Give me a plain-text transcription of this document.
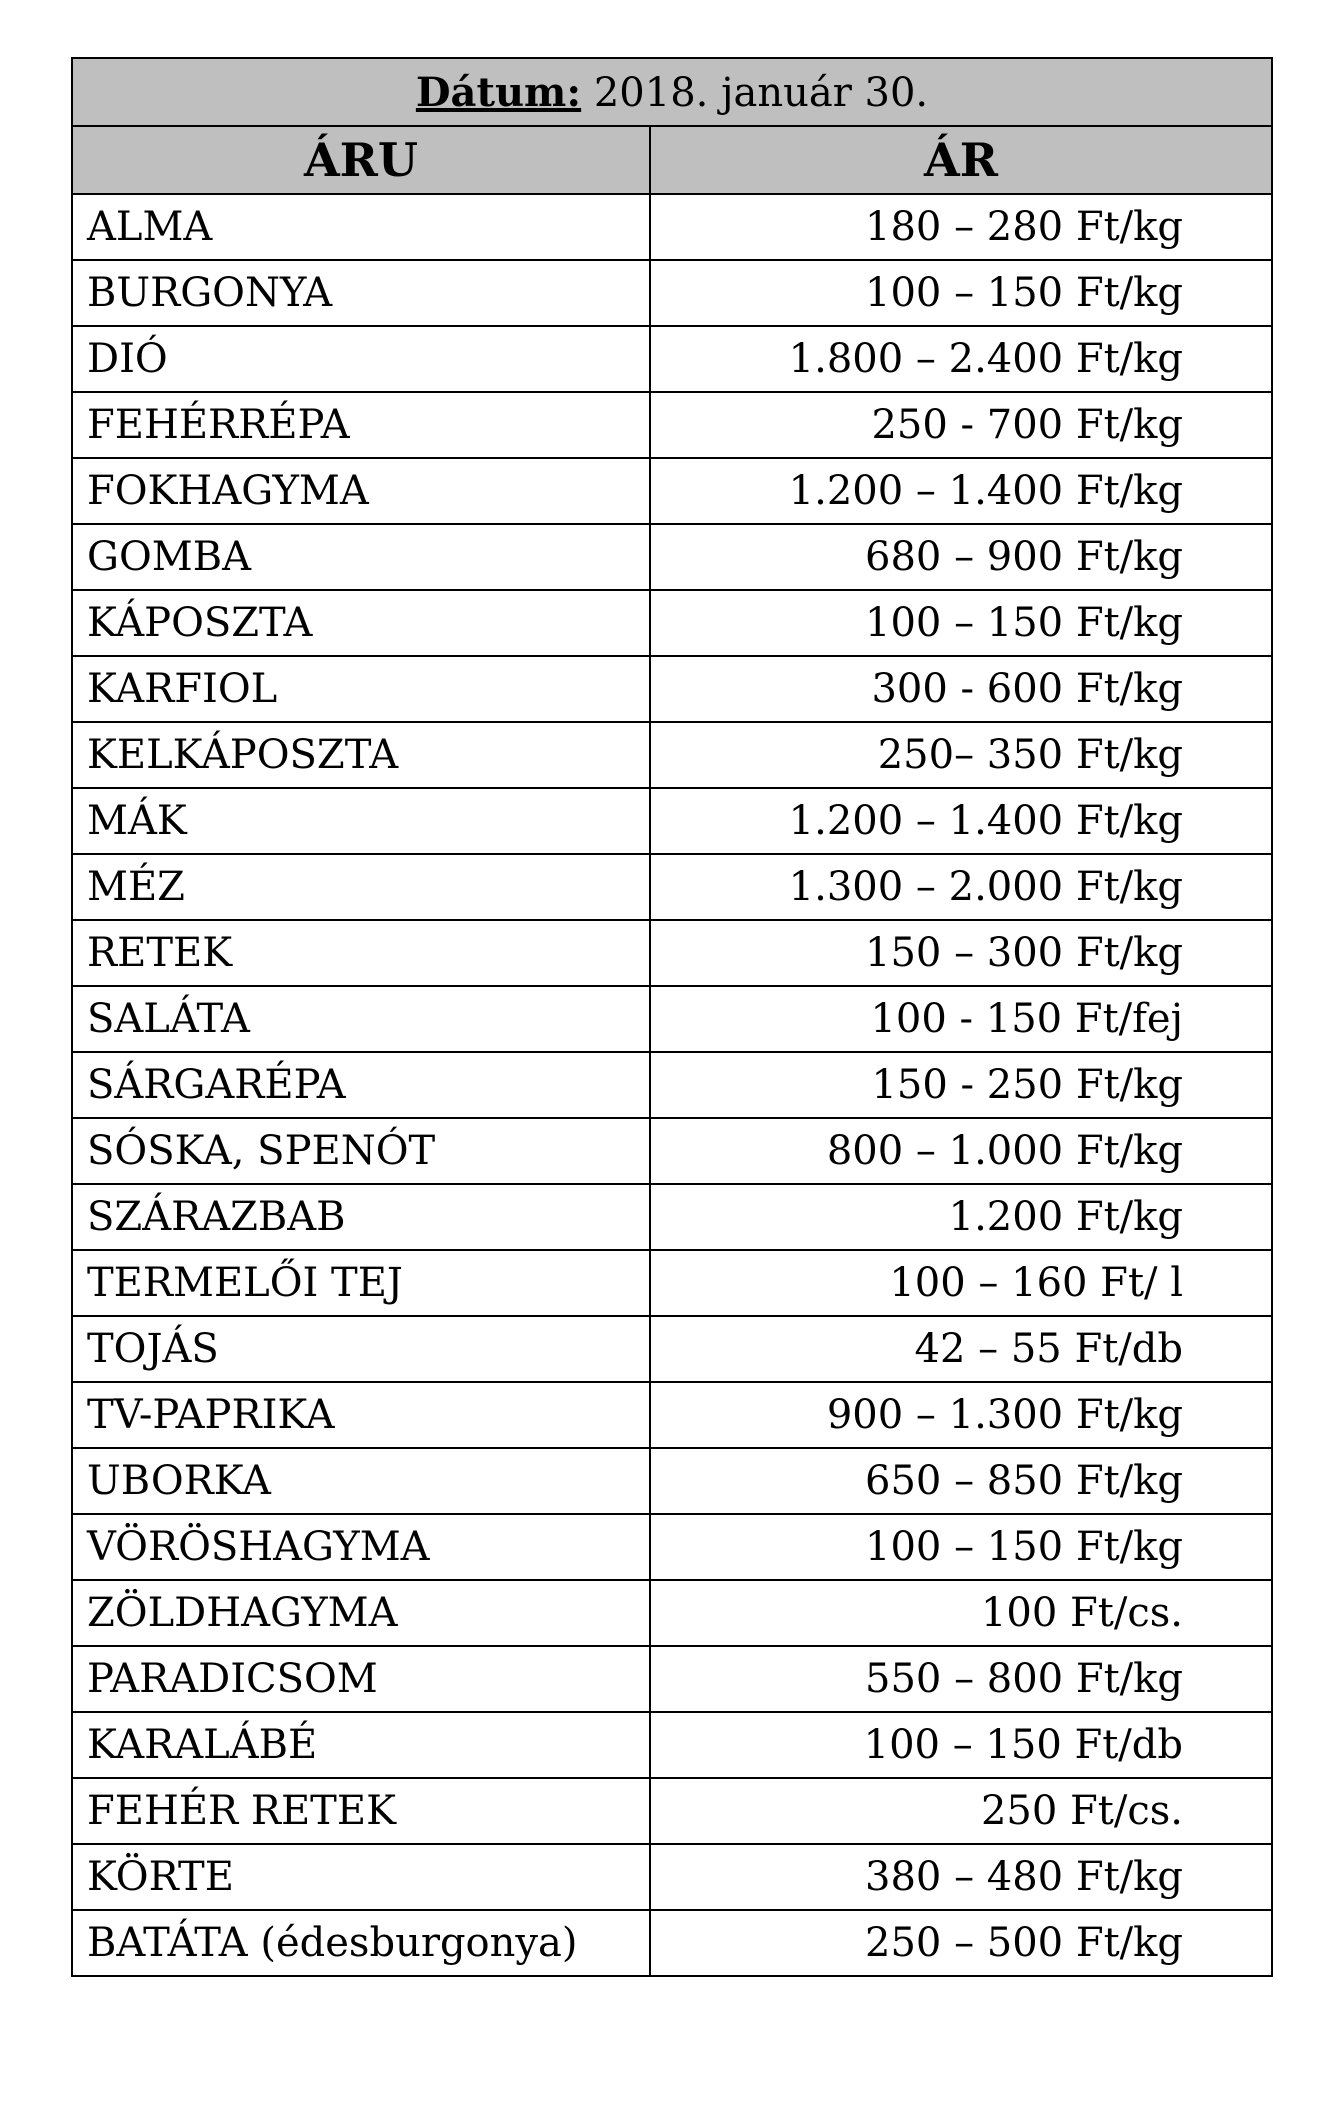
Dátum: 2018. január 30.	
ÁRU	ÁR
ALMA	180 – 280 Ft/kg
BURGONYA	100 – 150 Ft/kg
DIÓ	1.800 – 2.400 Ft/kg
FEHÉRRÉPA	250 - 700 Ft/kg
FOKHAGYMA	1.200 – 1.400 Ft/kg
GOMBA	680 – 900 Ft/kg
KÁPOSZTA	100 – 150 Ft/kg
KARFIOL	300 - 600 Ft/kg
KELKÁPOSZTA	250– 350 Ft/kg
MÁK	1.200 – 1.400 Ft/kg
MÉZ	1.300 – 2.000 Ft/kg
RETEK	150 – 300 Ft/kg
SALÁTA	100 - 150 Ft/fej
SÁRGARÉPA	150 - 250 Ft/kg
SÓSKA, SPENÓT	800 – 1.000 Ft/kg
SZÁRAZBAB	1.200 Ft/kg
TERMELŐI TEJ	100 – 160 Ft/ l
TOJÁS	42 – 55 Ft/db
TV-PAPRIKA	900 – 1.300 Ft/kg
UBORKA	650 – 850 Ft/kg
VÖRÖSHAGYMA	100 – 150 Ft/kg
ZÖLDHAGYMA	100 Ft/cs.
PARADICSOM	550 – 800 Ft/kg
KARALÁBÉ	100 – 150 Ft/db
FEHÉR RETEK	250 Ft/cs.
KÖRTE	380 – 480 Ft/kg
BATÁTA (édesburgonya)	250 – 500 Ft/kg
